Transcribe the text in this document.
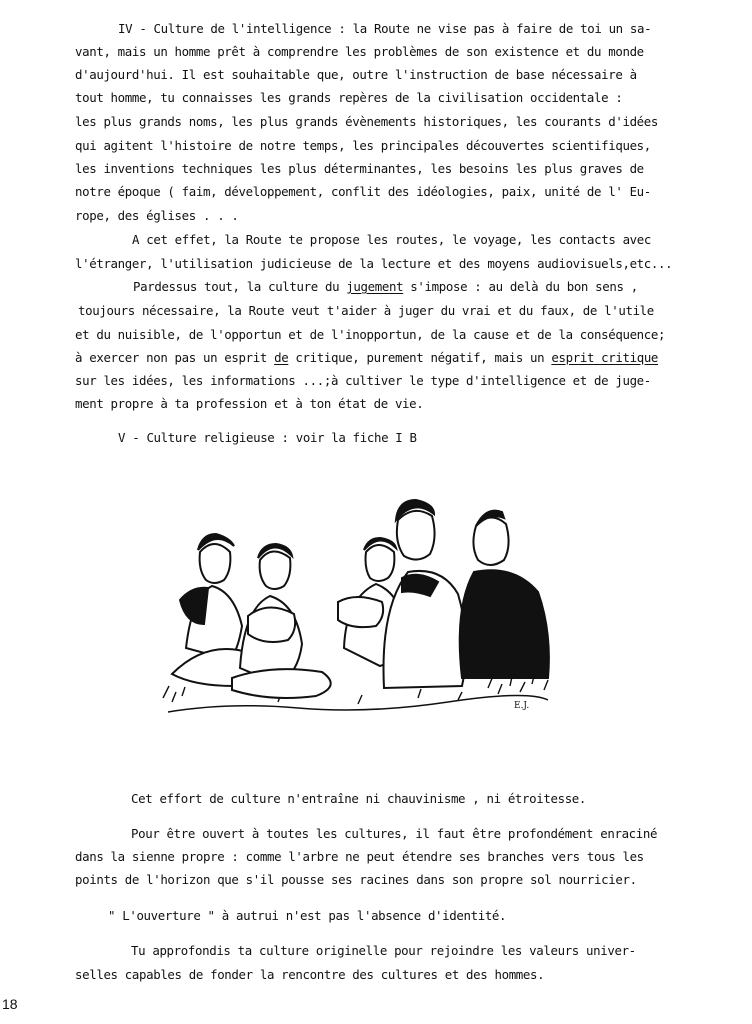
IV - Culture de l'intelligence : la Route ne vise pas à faire de toi un sa-
vant, mais un homme prêt à comprendre les problèmes de son existence et du monde
d'aujourd'hui. Il est souhaitable que, outre l'instruction de base nécessaire à
tout homme, tu connaisses les grands repères de la civilisation occidentale :
les plus grands noms, les plus grands évènements historiques, les courants d'idées
qui agitent l'histoire de notre temps, les principales découvertes scientifiques,
les inventions techniques les plus déterminantes, les besoins les plus graves de
notre époque ( faim, développement, conflit des idéologies, paix, unité de l' Eu-
rope, des églises . . .
A cet effet, la Route te propose les routes, le voyage, les contacts avec
l'étranger, l'utilisation judicieuse de la lecture et des moyens audiovisuels,etc...
Pardessus tout, la culture du jugement s'impose : au delà du bon sens ,
toujours nécessaire, la Route veut t'aider à juger du vrai et du faux, de l'utile
et du nuisible, de l'opportun et de l'inopportun, de la cause et de la conséquence;
à exercer non pas un esprit de critique, purement négatif, mais un esprit critique
sur les idées, les informations ...;à cultiver le type d'intelligence et de juge-
ment propre à ta profession et à ton état de vie.
V - Culture religieuse : voir la fiche I B
E.J.
Cet effort de culture n'entraîne ni chauvinisme , ni étroitesse.
Pour être ouvert à toutes les cultures, il faut être profondément enraciné
dans la sienne propre : comme l'arbre ne peut étendre ses branches vers tous les
points de l'horizon que s'il pousse ses racines dans son propre sol nourricier.
" L'ouverture " à autrui n'est pas l'absence d'identité.
Tu approfondis ta culture originelle pour rejoindre les valeurs univer-
selles capables de fonder la rencontre des cultures et des hommes.
18
